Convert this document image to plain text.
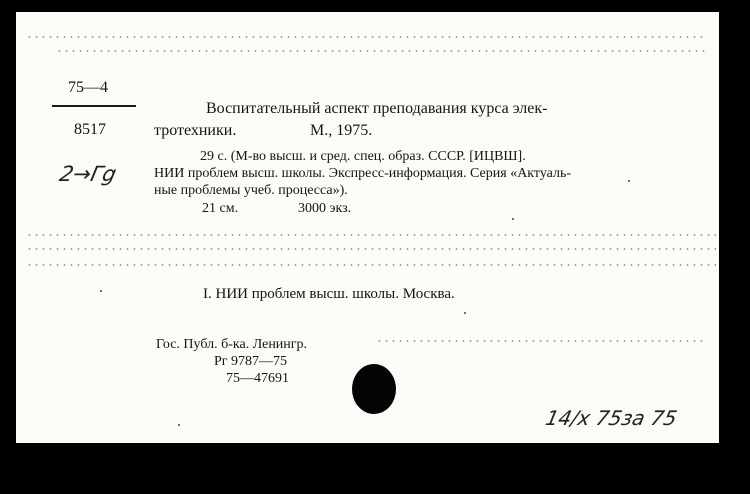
75—4
8517
2→Гg
Воспитательный аспект преподавания курса элек-
тротехники.	М., 1975.
29 с. (М-во высш. и сред. спец. образ. СССР. [ИЦВШ].
НИИ проблем высш. школы. Экспресс-информация. Серия «Актуаль-
ные проблемы учеб. процесса»).
21 см.	3000 экз.
I. НИИ проблем высш. школы. Москва.
Гос. Публ. б-ка. Ленингр.
Рг 9787—75
75—47691
14/x 75за 75
